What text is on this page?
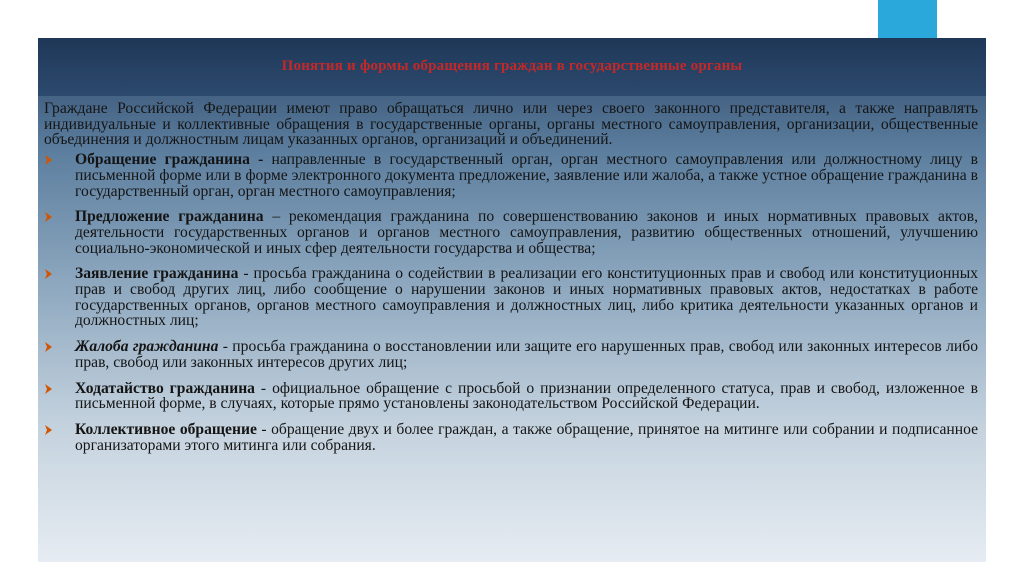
Понятия и формы обращения граждан в государственные органы

Граждане Российской Федерации имеют право обращаться лично или через своего законного представителя, а также направлять индивидуальные и коллективные обращения в государственные органы, органы местного самоуправления, организации, общественные объединения и должностным лицам указанных органов, организаций и объединений.

Обращение гражданина - направленные в государственный орган, орган местного самоуправления или должностному лицу в письменной форме или в форме электронного документа предложение, заявление или жалоба, а также устное обращение гражданина в государственный орган, орган местного самоуправления;
Предложение гражданина – рекомендация гражданина по совершенствованию законов и иных нормативных правовых актов, деятельности государственных органов и органов местного самоуправления, развитию общественных отношений, улучшению социально-экономической и иных сфер деятельности государства и общества;
Заявление гражданина - просьба гражданина о содействии в реализации его конституционных прав и свобод или конституционных прав и свобод других лиц, либо сообщение о нарушении законов и иных нормативных правовых актов, недостатках в работе государственных органов, органов местного самоуправления и должностных лиц, либо критика деятельности указанных органов и должностных лиц;
Жалоба гражданина - просьба гражданина о восстановлении или защите его нарушенных прав, свобод или законных интересов либо прав, свобод или законных интересов других лиц;
Ходатайство гражданина - официальное обращение с просьбой о признании определенного статуса, прав и свобод, изложенное в письменной форме, в случаях, которые прямо установлены законодательством Российской Федерации.
Коллективное обращение - обращение двух и более граждан, а также обращение, принятое на митинге или собрании и подписанное организаторами этого митинга или собрания.
